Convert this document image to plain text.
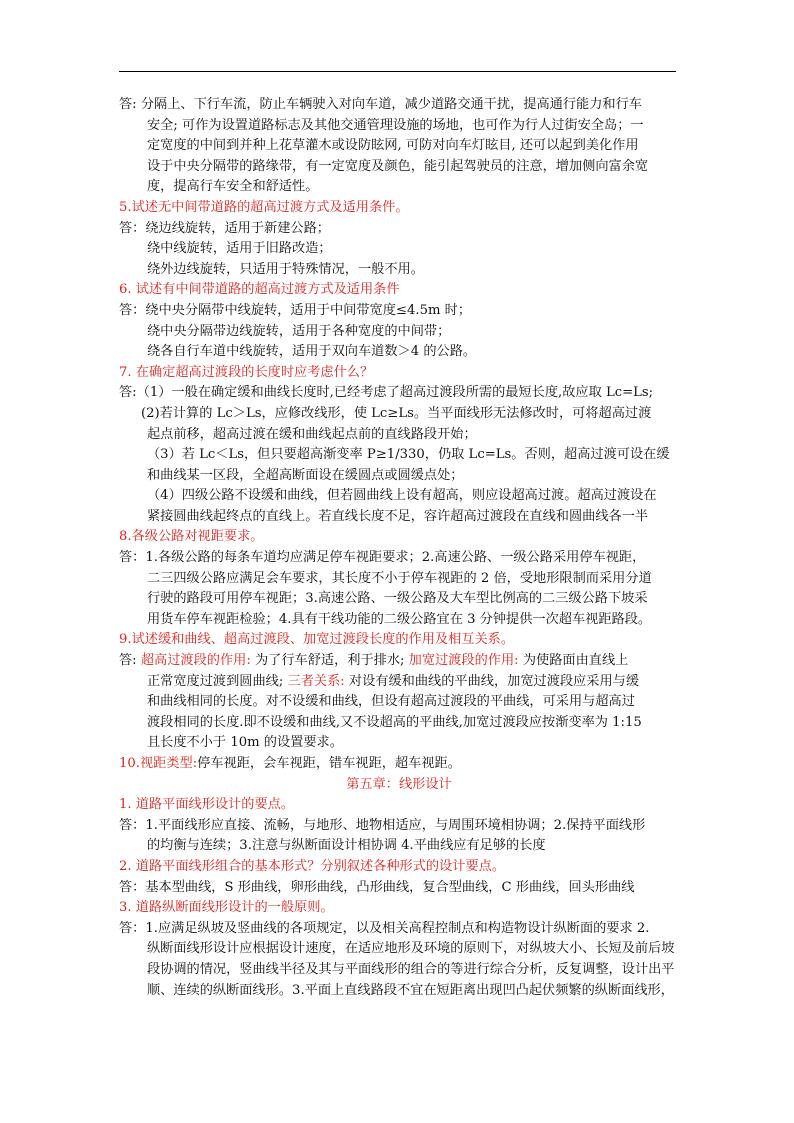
答: 分隔上、下行车流，防止车辆驶入对向车道，减少道路交通干扰，提高通行能力和行车
安全; 可作为设置道路标志及其他交通管理设施的场地，也可作为行人过街安全岛；一
定宽度的中间到并种上花草灌木或设防眩网, 可防对向车灯眩目, 还可以起到美化作用
设于中央分隔带的路缘带，有一定宽度及颜色，能引起驾驶员的注意，增加侧向富余宽
度，提高行车安全和舒适性。
5.试述无中间带道路的超高过渡方式及适用条件。
答：绕边线旋转，适用于新建公路；
绕中线旋转，适用于旧路改造；
绕外边线旋转，只适用于特殊情况，一般不用。
6. 试述有中间带道路的超高过渡方式及适用条件
答：绕中央分隔带中线旋转，适用于中间带宽度≤4.5m 时；
绕中央分隔带边线旋转，适用于各种宽度的中间带；
绕各自行车道中线旋转，适用于双向车道数＞4 的公路。
7. 在确定超高过渡段的长度时应考虑什么？
答:（1）一般在确定缓和曲线长度时,已经考虑了超高过渡段所需的最短长度,故应取 Lc=Ls;
(2)若计算的 Lc＞Ls，应修改线形，使 Lc≥Ls。当平面线形无法修改时，可将超高过渡
起点前移，超高过渡在缓和曲线起点前的直线路段开始；
（3）若 Lc＜Ls，但只要超高渐变率 P≥1/330，仍取 Lc=Ls。否则，超高过渡可设在缓
和曲线某一区段，全超高断面设在缓圆点或圆缓点处；
（4）四级公路不设缓和曲线，但若圆曲线上设有超高，则应设超高过渡。超高过渡设在
紧接圆曲线起终点的直线上。若直线长度不足，容许超高过渡段在直线和圆曲线各一半
8.各级公路对视距要求。
答：1.各级公路的每条车道均应满足停车视距要求；2.高速公路、一级公路采用停车视距，
二三四级公路应满足会车要求，其长度不小于停车视距的 2 倍，受地形限制而采用分道
行驶的路段可用停车视距；3.高速公路、一级公路及大车型比例高的二三级公路下坡采
用货车停车视距检验；4.具有干线功能的二级公路宜在 3 分钟提供一次超车视距路段。
9.试述缓和曲线、超高过渡段、加宽过渡段长度的作用及相互关系。
答: 超高过渡段的作用: 为了行车舒适，利于排水; 加宽过渡段的作用: 为使路面由直线上
正常宽度过渡到圆曲线; 三者关系: 对设有缓和曲线的平曲线，加宽过渡段应采用与缓
和曲线相同的长度。对不设缓和曲线，但设有超高过渡段的平曲线，可采用与超高过
渡段相同的长度.即不设缓和曲线,又不设超高的平曲线,加宽过渡段应按渐变率为 1:15
且长度不小于 10m 的设置要求。
10.视距类型:停车视距，会车视距，错车视距，超车视距。
第五章：线形设计
1. 道路平面线形设计的要点。
答：1.平面线形应直接、流畅，与地形、地物相适应，与周围环境相协调；2.保持平面线形
的均衡与连续；3.注意与纵断面设计相协调 4.平曲线应有足够的长度
2. 道路平面线形组合的基本形式？分别叙述各种形式的设计要点。
答：基本型曲线，S 形曲线，卵形曲线，凸形曲线，复合型曲线，C 形曲线，回头形曲线
3. 道路纵断面线形设计的一般原则。
答：1.应满足纵坡及竖曲线的各项规定，以及相关高程控制点和构造物设计纵断面的要求 2.
纵断面线形设计应根据设计速度，在适应地形及环境的原则下，对纵坡大小、长短及前后坡
段协调的情况，竖曲线半径及其与平面线形的组合的等进行综合分析，反复调整，设计出平
顺、连续的纵断面线形。3.平面上直线路段不宜在短距离出现凹凸起伏频繁的纵断面线形，
